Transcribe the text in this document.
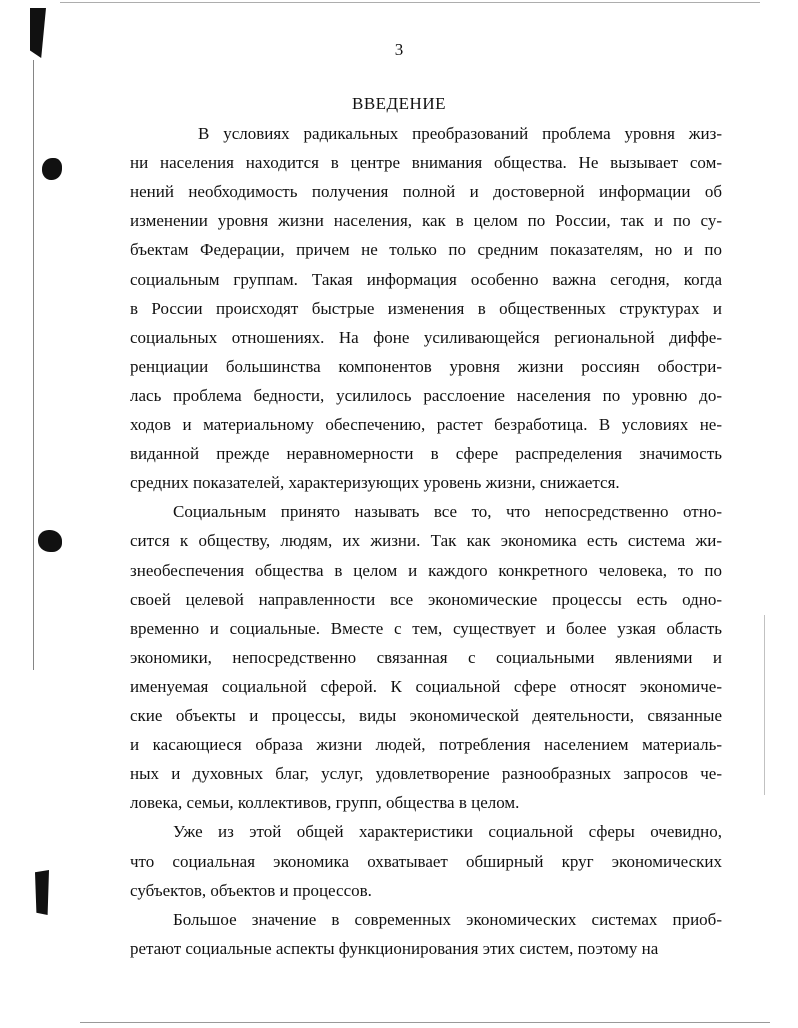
3
ВВЕДЕНИЕ
В условиях радикальных преобразований проблема уровня жиз-
ни населения находится в центре внимания общества. Не вызывает сом-
нений необходимость получения полной и достоверной информации об
изменении уровня жизни населения, как в целом по России, так и по су-
бъектам Федерации, причем не только по средним показателям, но и по
социальным группам. Такая информация особенно важна сегодня, когда
в России происходят быстрые изменения в общественных структурах и
социальных отношениях. На фоне усиливающейся региональной диффе-
ренциации большинства компонентов уровня жизни россиян обостри-
лась проблема бедности, усилилось расслоение населения по уровню до-
ходов и материальному обеспечению, растет безработица. В условиях не-
виданной прежде неравномерности в сфере распределения значимость
средних показателей, характеризующих уровень жизни, снижается.
Социальным принято называть все то, что непосредственно отно-
сится к обществу, людям, их жизни. Так как экономика есть система жи-
знеобеспечения общества в целом и каждого конкретного человека, то по
своей целевой направленности все экономические процессы есть одно-
временно и социальные. Вместе с тем, существует и более узкая область
экономики, непосредственно связанная с социальными явлениями и
именуемая социальной сферой. К социальной сфере относят экономиче-
ские объекты и процессы, виды экономической деятельности, связанные
и касающиеся образа жизни людей, потребления населением материаль-
ных и духовных благ, услуг, удовлетворение разнообразных запросов че-
ловека, семьи, коллективов, групп, общества в целом.
Уже из этой общей характеристики социальной сферы очевидно,
что социальная экономика охватывает обширный круг экономических
субъектов, объектов и процессов.
Большое значение в современных экономических системах приоб-
ретают социальные аспекты функционирования этих систем, поэтому на
